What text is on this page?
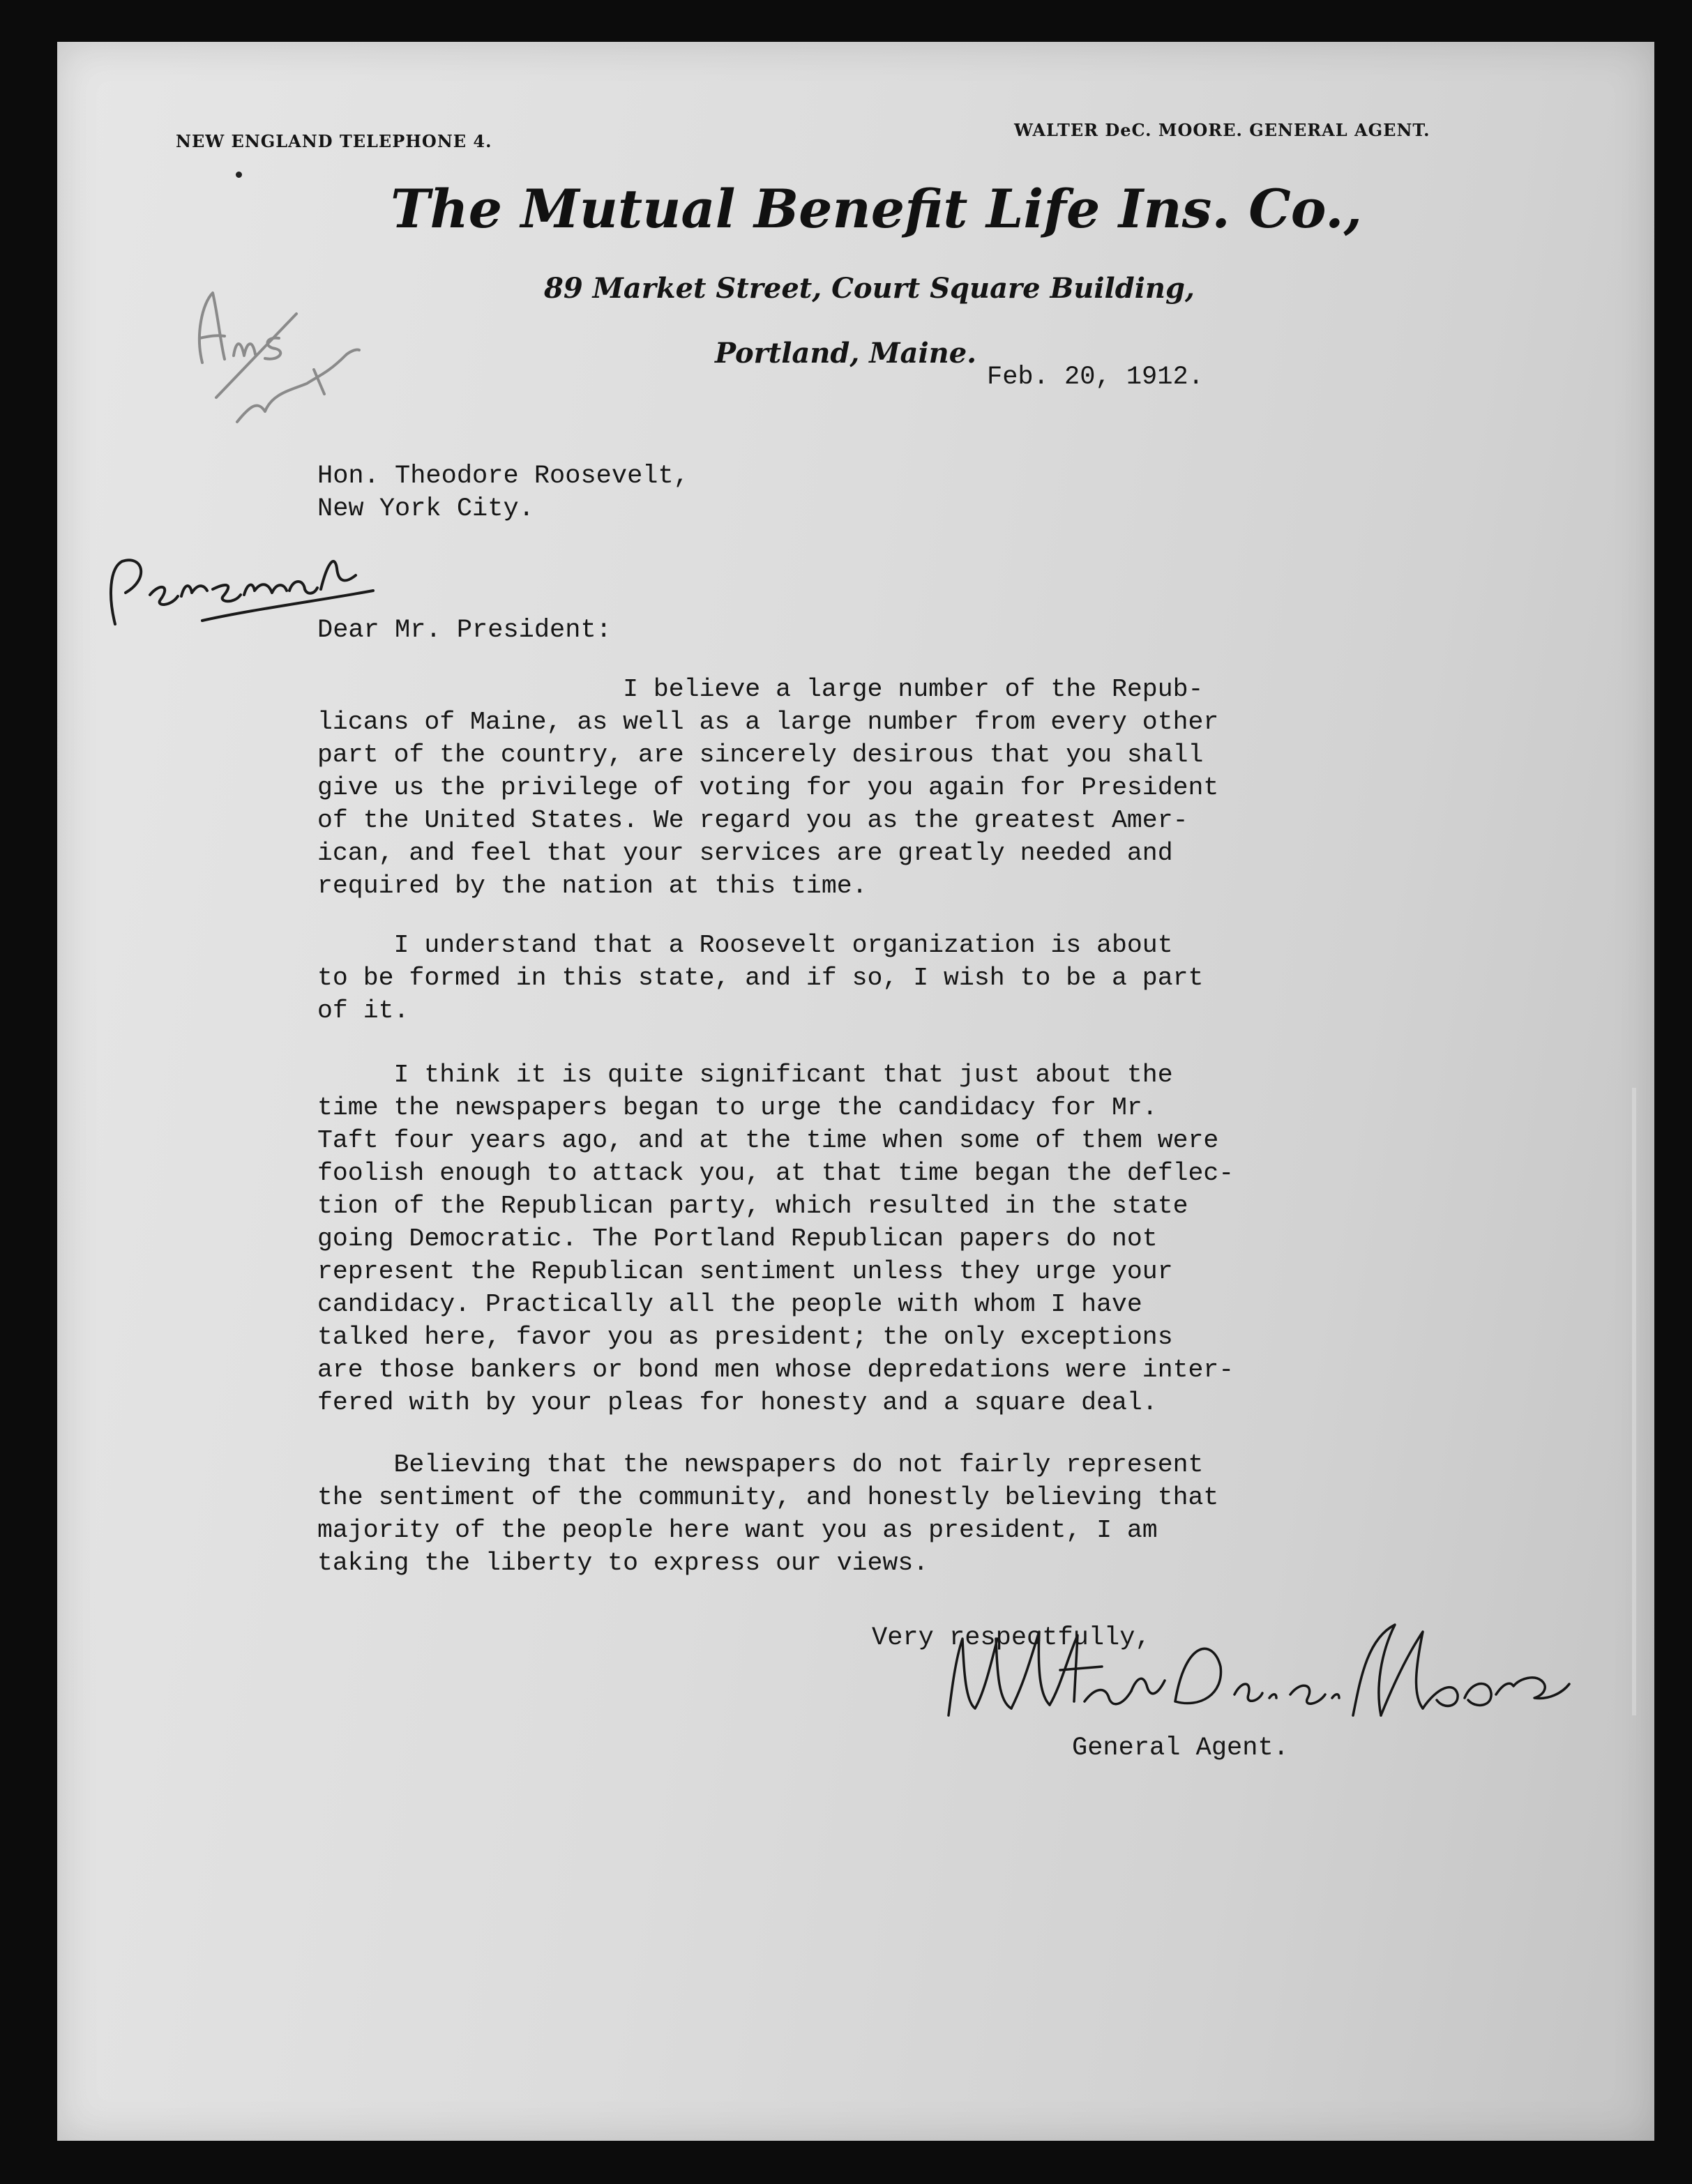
NEW ENGLAND TELEPHONE 4.
WALTER DeC. MOORE. GENERAL AGENT.
The Mutual Benefit Life Ins. Co.,
89 Market Street, Court Square Building,
Portland, Maine.
Feb. 20, 1912.
Hon. Theodore Roosevelt,
New York City.
Dear Mr. President:

I believe a large number of the Repub-
licans of Maine, as well as a large number from every other
part of the country, are sincerely desirous that you shall
give us the privilege of voting for you again for President
of the United States. We regard you as the greatest Amer-
ican, and feel that your services are greatly needed and
required by the nation at this time.

I understand that a Roosevelt organization is about
to be formed in this state, and if so, I wish to be a part
of it.

I think it is quite significant that just about the
time the newspapers began to urge the candidacy for Mr.
Taft four years ago, and at the time when some of them were
foolish enough to attack you, at that time began the deflec-
tion of the Republican party, which resulted in the state
going Democratic. The Portland Republican papers do not
represent the Republican sentiment unless they urge your
candidacy. Practically all the people with whom I have
talked here, favor you as president; the only exceptions
are those bankers or bond men whose depredations were inter-
fered with by your pleas for honesty and a square deal.

Believing that the newspapers do not fairly represent
the sentiment of the community, and honestly believing that
majority of the people here want you as president, I am
taking the liberty to express our views.

Very respectfully,
General Agent.
